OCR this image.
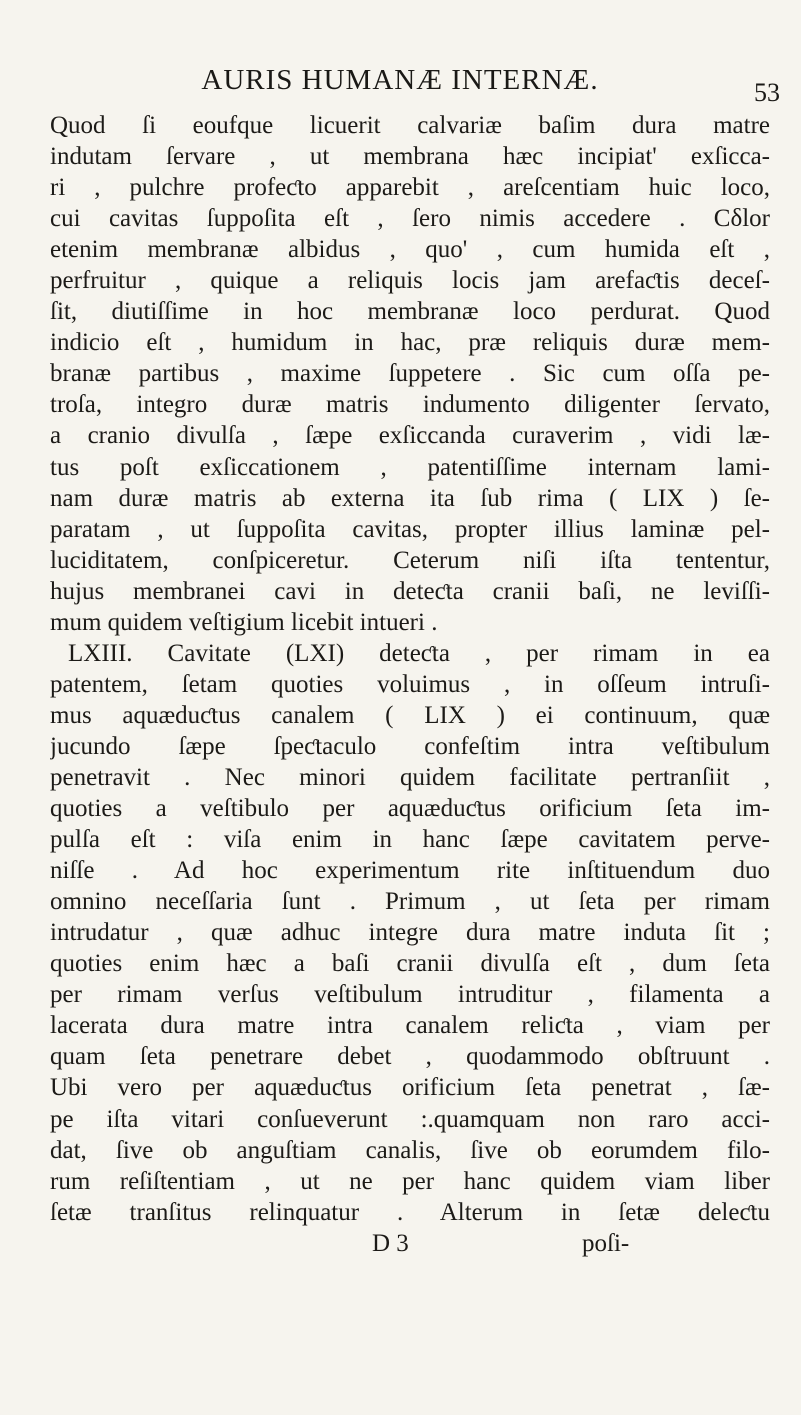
AURIS HUMANÆ INTERNÆ.	53
Quod ſi eoufque licuerit calvariæ baſim dura matre
indutam ſervare , ut membrana hæc incipiat' exſicca-
ri , pulchre profeƈto apparebit , areſcentiam huic loco,
cui cavitas ſuppoſita eſt , ſero nimis accedere . Cδlor
etenim membranæ albidus , quo' , cum humida eſt ,
perfruitur , quique a reliquis locis jam arefaƈtis deceſ-
ſit, diutiſſime in hoc membranæ loco perdurat. Quod
indicio eſt , humidum in hac, præ reliquis duræ mem-
branæ partibus , maxime ſuppetere . Sic cum oſſa pe-
troſa, integro duræ matris indumento diligenter ſervato,
a cranio divulſa , ſæpe exſiccanda curaverim , vidi læ-
tus poſt exſiccationem , patentiſſime internam lami-
nam duræ matris ab externa ita ſub rima ( LIX ) ſe-
paratam , ut ſuppoſita cavitas, propter illius laminæ pel-
luciditatem, conſpiceretur. Ceterum niſi iſta tententur,
hujus membranei cavi in deteƈta cranii baſi, ne leviſſi-
mum quidem veſtigium licebit intueri .
LXIII. Cavitate (LXI) deteƈta , per rimam in ea
patentem, ſetam quoties voluimus , in oſſeum intruſi-
mus aquæduƈtus canalem ( LIX ) ei continuum, quæ
jucundo ſæpe ſpeƈtaculo confeſtim intra veſtibulum
penetravit . Nec minori quidem facilitate pertranſiit ,
quoties a veſtibulo per aquæduƈtus orificium ſeta im-
pulſa eſt : viſa enim in hanc ſæpe cavitatem perve-
niſſe . Ad hoc experimentum rite inſtituendum duo
omnino neceſſaria ſunt . Primum , ut ſeta per rimam
intrudatur , quæ adhuc integre dura matre induta ſit ;
quoties enim hæc a baſi cranii divulſa eſt , dum ſeta
per rimam verſus veſtibulum intruditur , filamenta a
lacerata dura matre intra canalem reliƈta , viam per
quam ſeta penetrare debet , quodammodo obſtruunt .
Ubi vero per aquæduƈtus orificium ſeta penetrat , ſæ-
pe iſta vitari conſueverunt :.quamquam non raro acci-
dat, ſive ob anguſtiam canalis, ſive ob eorumdem filo-
rum reſiſtentiam , ut ne per hanc quidem viam liber
ſetæ tranſitus relinquatur . Alterum in ſetæ deleƈtu
D 3	poſi-
